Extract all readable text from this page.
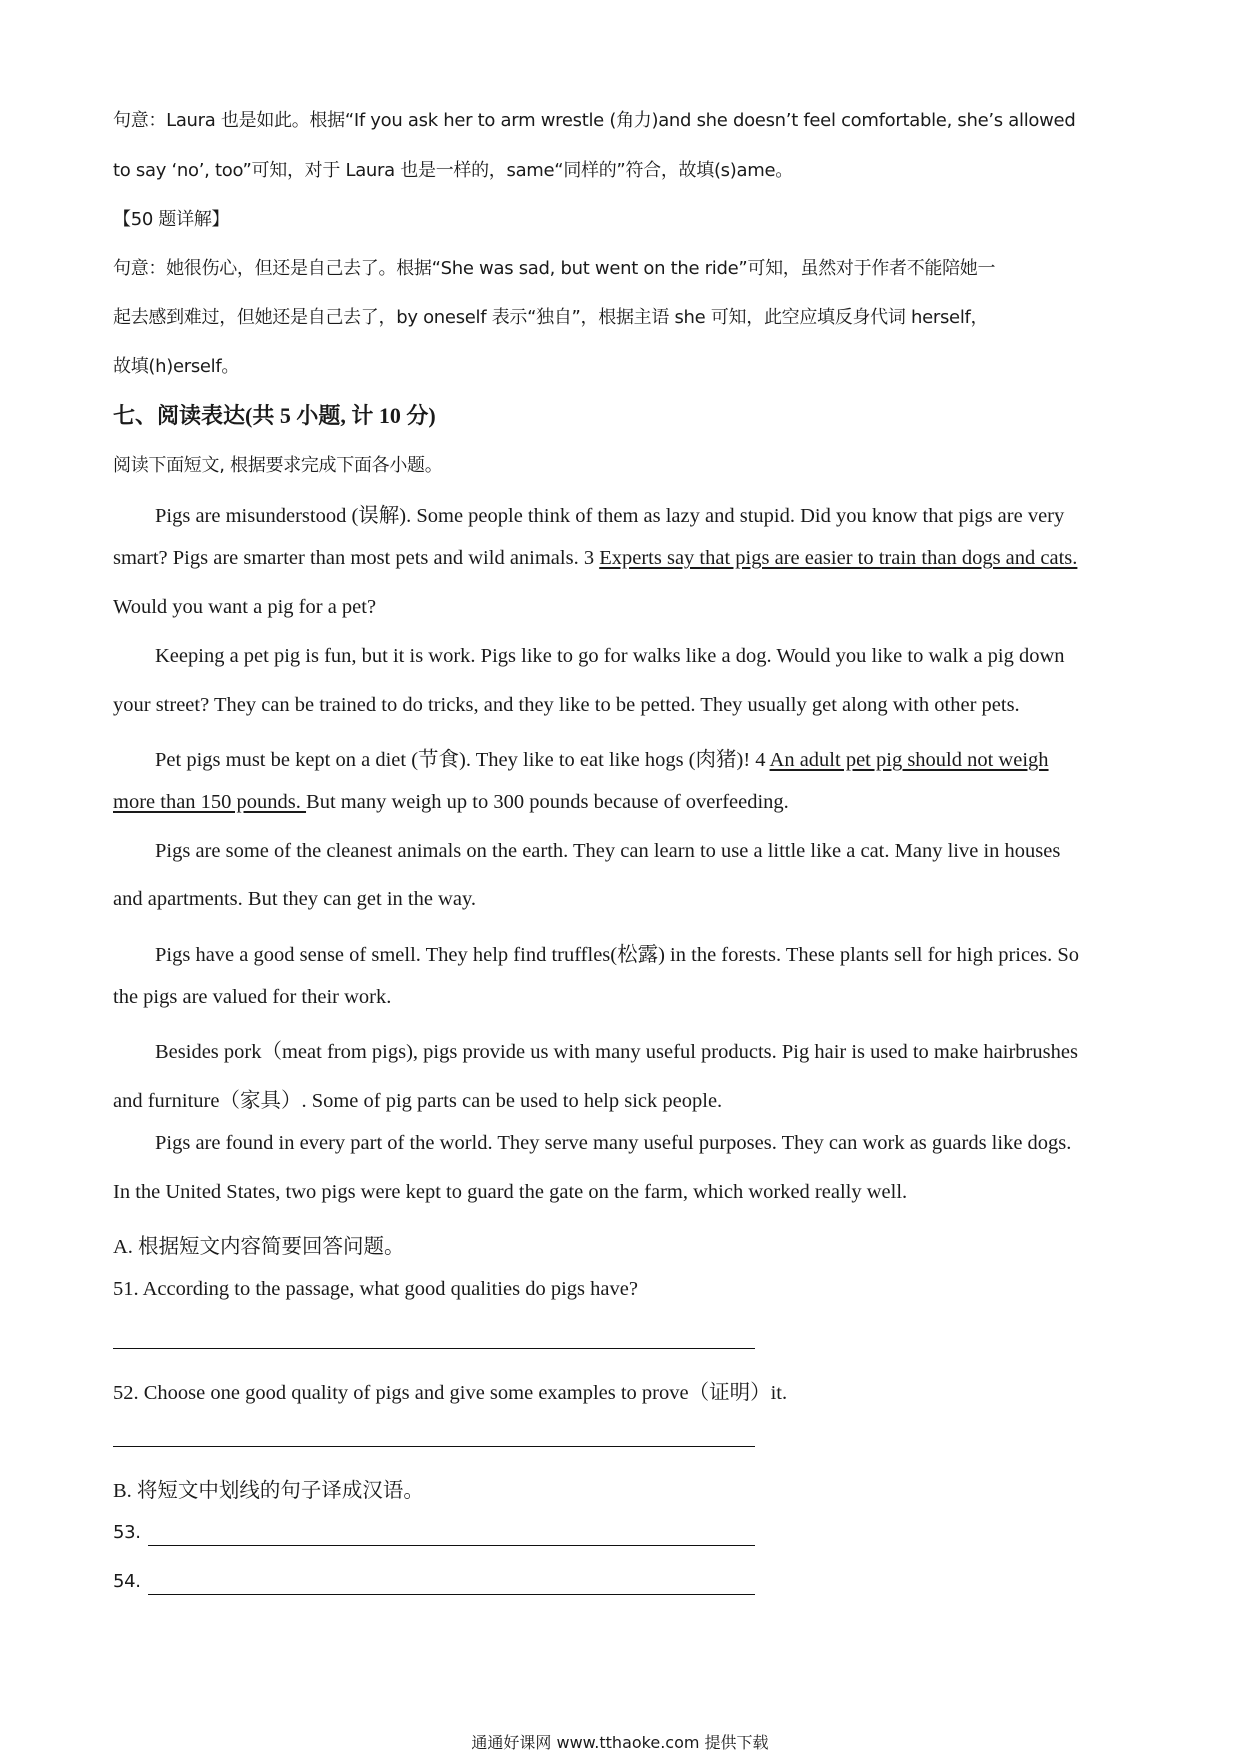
句意：Laura 也是如此。根据“If you ask her to arm wrestle (角力)and she doesn’t feel comfortable, she’s allowed
to say ‘no’, too”可知，对于 Laura 也是一样的，same“同样的”符合，故填(s)ame。
【50 题详解】
句意：她很伤心，但还是自己去了。根据“She was sad, but went on the ride”可知，虽然对于作者不能陪她一
起去感到难过，但她还是自己去了，by oneself 表示“独自”，根据主语 she 可知，此空应填反身代词 herself，
故填(h)erself。
七、阅读表达(共 5 小题, 计 10 分)
阅读下面短文, 根据要求完成下面各小题。
Pigs are misunderstood (误解). Some people think of them as lazy and stupid. Did you know that pigs are very
smart? Pigs are smarter than most pets and wild animals. 3 Experts say that pigs are easier to train than dogs and cats.
Would you want a pig for a pet?
Keeping a pet pig is fun, but it is work. Pigs like to go for walks like a dog. Would you like to walk a pig down
your street? They can be trained to do tricks, and they like to be petted. They usually get along with other pets.
Pet pigs must be kept on a diet (节食). They like to eat like hogs (肉猪)! 4 An adult pet pig should not weigh
more than 150 pounds. But many weigh up to 300 pounds because of overfeeding.
Pigs are some of the cleanest animals on the earth. They can learn to use a little like a cat. Many live in houses
and apartments. But they can get in the way.
Pigs have a good sense of smell. They help find truffles(松露) in the forests. These plants sell for high prices. So
the pigs are valued for their work.
Besides pork（meat from pigs), pigs provide us with many useful products. Pig hair is used to make hairbrushes
and furniture（家具）. Some of pig parts can be used to help sick people.
Pigs are found in every part of the world. They serve many useful purposes. They can work as guards like dogs.
In the United States, two pigs were kept to guard the gate on the farm, which worked really well.
A. 根据短文内容简要回答问题。
51. According to the passage, what good qualities do pigs have?
52. Choose one good quality of pigs and give some examples to prove（证明）it.
B. 将短文中划线的句子译成汉语。
53.
54.
通通好课网 www.tthaoke.com 提供下载
